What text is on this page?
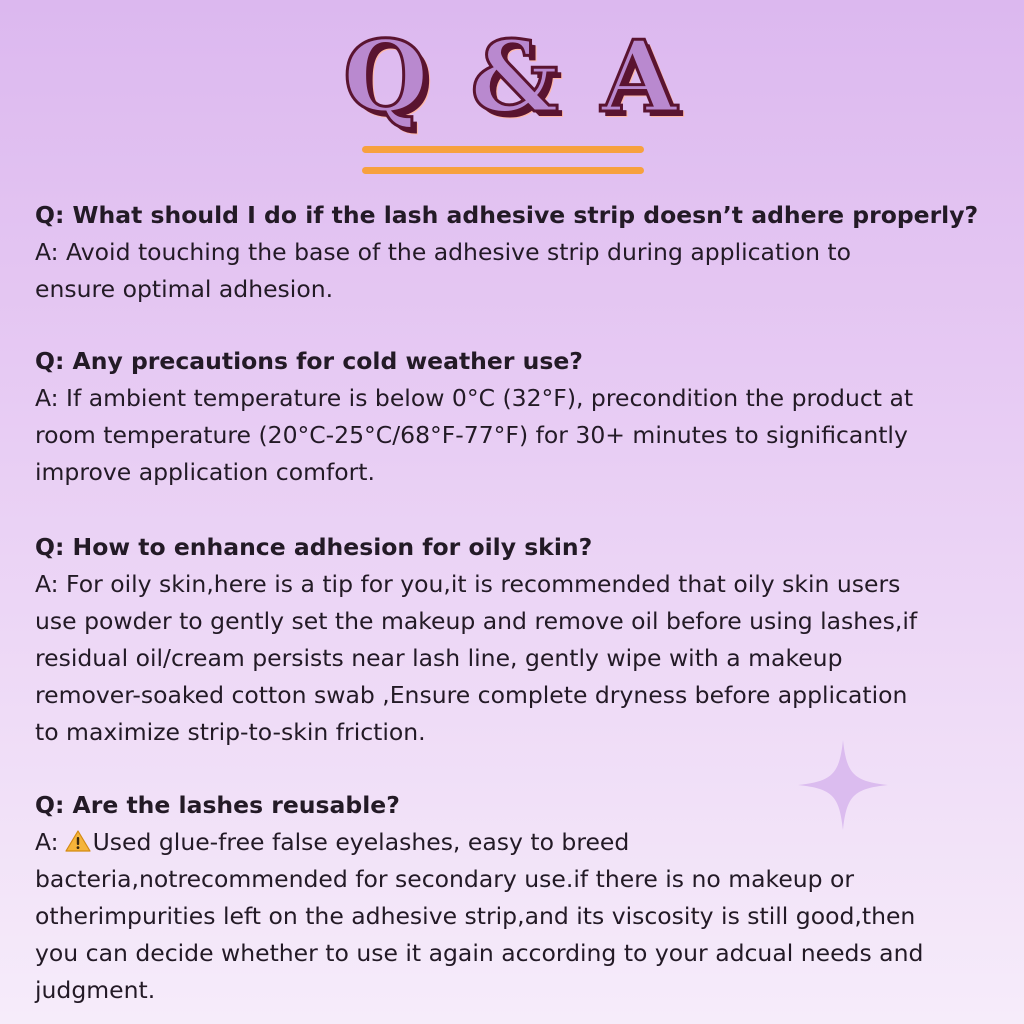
Q & A
Q: What should I do if the lash adhesive strip doesn’t adhere properly?
A: Avoid touching the base of the adhesive strip during application to
ensure optimal adhesion.
Q: Any precautions for cold weather use?
A: If ambient temperature is below 0°C (32°F), precondition the product at
room temperature (20°C-25°C/68°F-77°F) for 30+ minutes to significantly
improve application comfort.
Q: How to enhance adhesion for oily skin?
A: For oily skin,here is a tip for you,it is recommended that oily skin users
use powder to gently set the makeup and remove oil before using lashes,if
residual oil/cream persists near lash line, gently wipe with a makeup
remover-soaked cotton swab ,Ensure complete dryness before application
to maximize strip-to-skin friction.
Q: Are the lashes reusable?
A: Used glue-free false eyelashes, easy to breed
bacteria,notrecommended for secondary use.if there is no makeup or
otherimpurities left on the adhesive strip,and its viscosity is still good,then
you can decide whether to use it again according to your adcual needs and
judgment.
